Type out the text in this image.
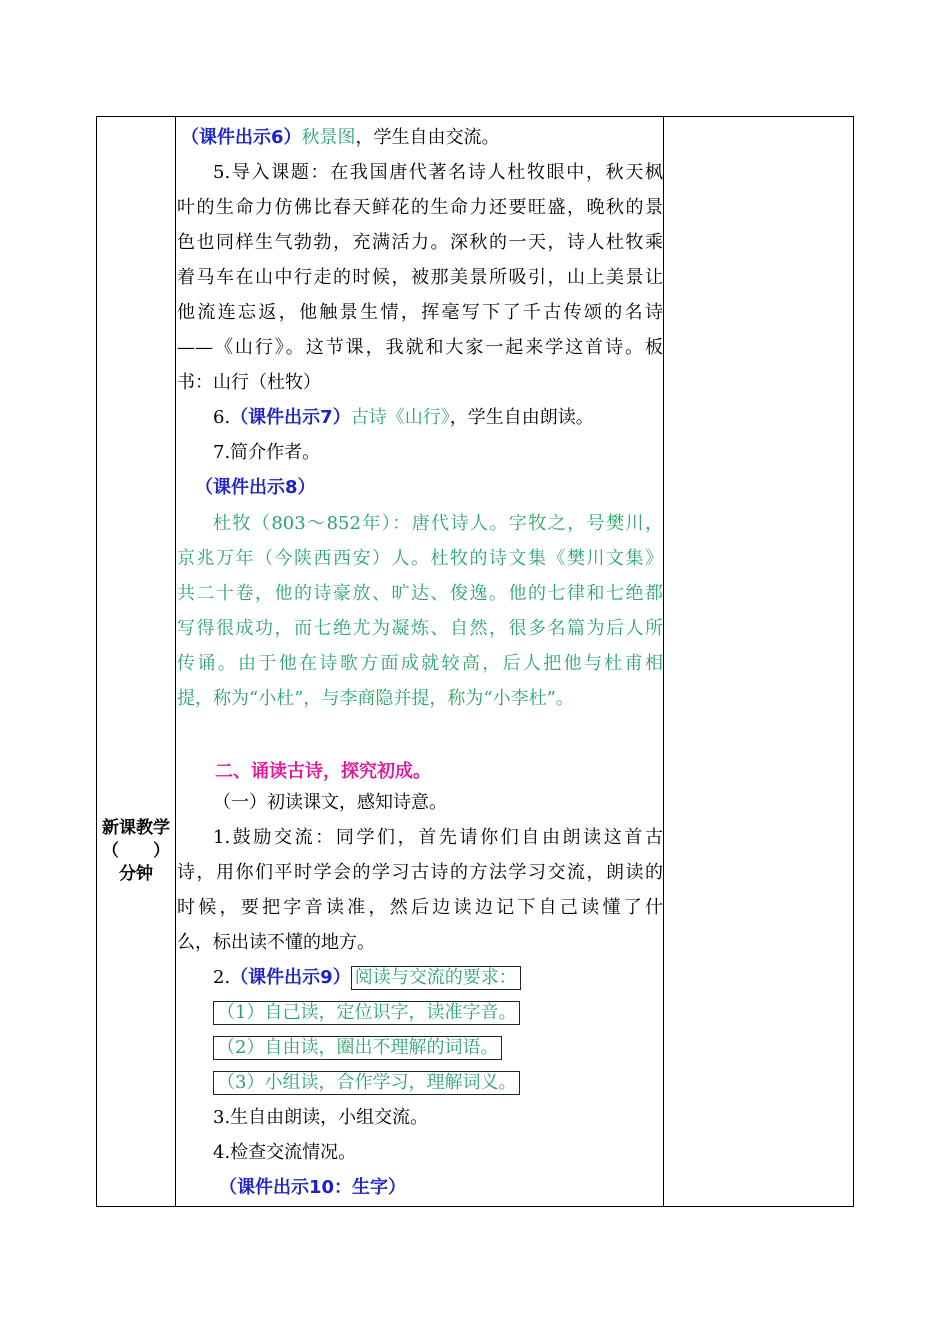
新课教学
（　　）
分钟
（课件出示6）秋景图，学生自由交流。
5.导入课题：在我国唐代著名诗人杜牧眼中，秋天枫
叶的生命力仿佛比春天鲜花的生命力还要旺盛，晚秋的景
色也同样生气勃勃，充满活力。深秋的一天，诗人杜牧乘
着马车在山中行走的时候，被那美景所吸引，山上美景让
他流连忘返，他触景生情，挥毫写下了千古传颂的名诗
——《山行》。这节课，我就和大家一起来学这首诗。板
书：山行（杜牧）
6.（课件出示7）古诗《山行》，学生自由朗读。
7.简介作者。
（课件出示8）
杜牧（803～852年）：唐代诗人。字牧之，号樊川，
京兆万年（今陕西西安）人。杜牧的诗文集《樊川文集》
共二十卷，他的诗豪放、旷达、俊逸。他的七律和七绝都
写得很成功，而七绝尤为凝炼、自然，很多名篇为后人所
传诵。由于他在诗歌方面成就较高，后人把他与杜甫相
提，称为“小杜”，与李商隐并提，称为“小李杜”。
二、诵读古诗，探究初成。
（一）初读课文，感知诗意。
1.鼓励交流：同学们，首先请你们自由朗读这首古
诗，用你们平时学会的学习古诗的方法学习交流，朗读的
时候，要把字音读准，然后边读边记下自己读懂了什
么，标出读不懂的地方。
2.（课件出示9） 阅读与交流的要求：
（1）自己读，定位识字，读准字音。
（2）自由读，圈出不理解的词语。
（3）小组读，合作学习，理解词义。
3.生自由朗读，小组交流。
4.检查交流情况。
（课件出示10：生字）
